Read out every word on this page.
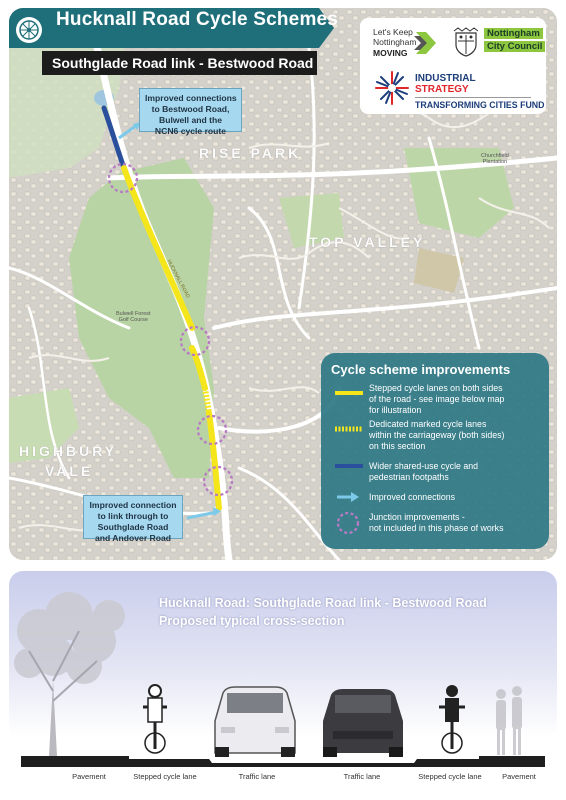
RISE PARK
TOP VALLEY
HIGHBURY
VALE
Bulwell Forest
Golf Course
Churchfield
Plantation
HUCKNALL ROAD
Hucknall Road Cycle Schemes
Southglade Road link - Bestwood Road
Let's Keep
Nottingham
MOVING
Nottingham
City Council
INDUSTRIAL
STRATEGY
TRANSFORMING CITIES FUND
Improved connections
to Bestwood Road,
Bulwell and the
NCN6 cycle route
Improved connection
to link through to
Southglade Road
and Andover Road
Cycle scheme improvements
Stepped cycle lanes on both sides
of the road - see image below map
for illustration
Dedicated marked cycle lanes
within the carriageway (both sides)
on this section
Wider shared-use cycle and
pedestrian footpaths
Improved connections
Junction improvements -
not included in this phase of works
Hucknall Road: Southglade Road link - Bestwood Road
Proposed typical cross-section
Pavement	Stepped cycle lane	Traffic lane	Traffic lane	Stepped cycle lane	Pavement
